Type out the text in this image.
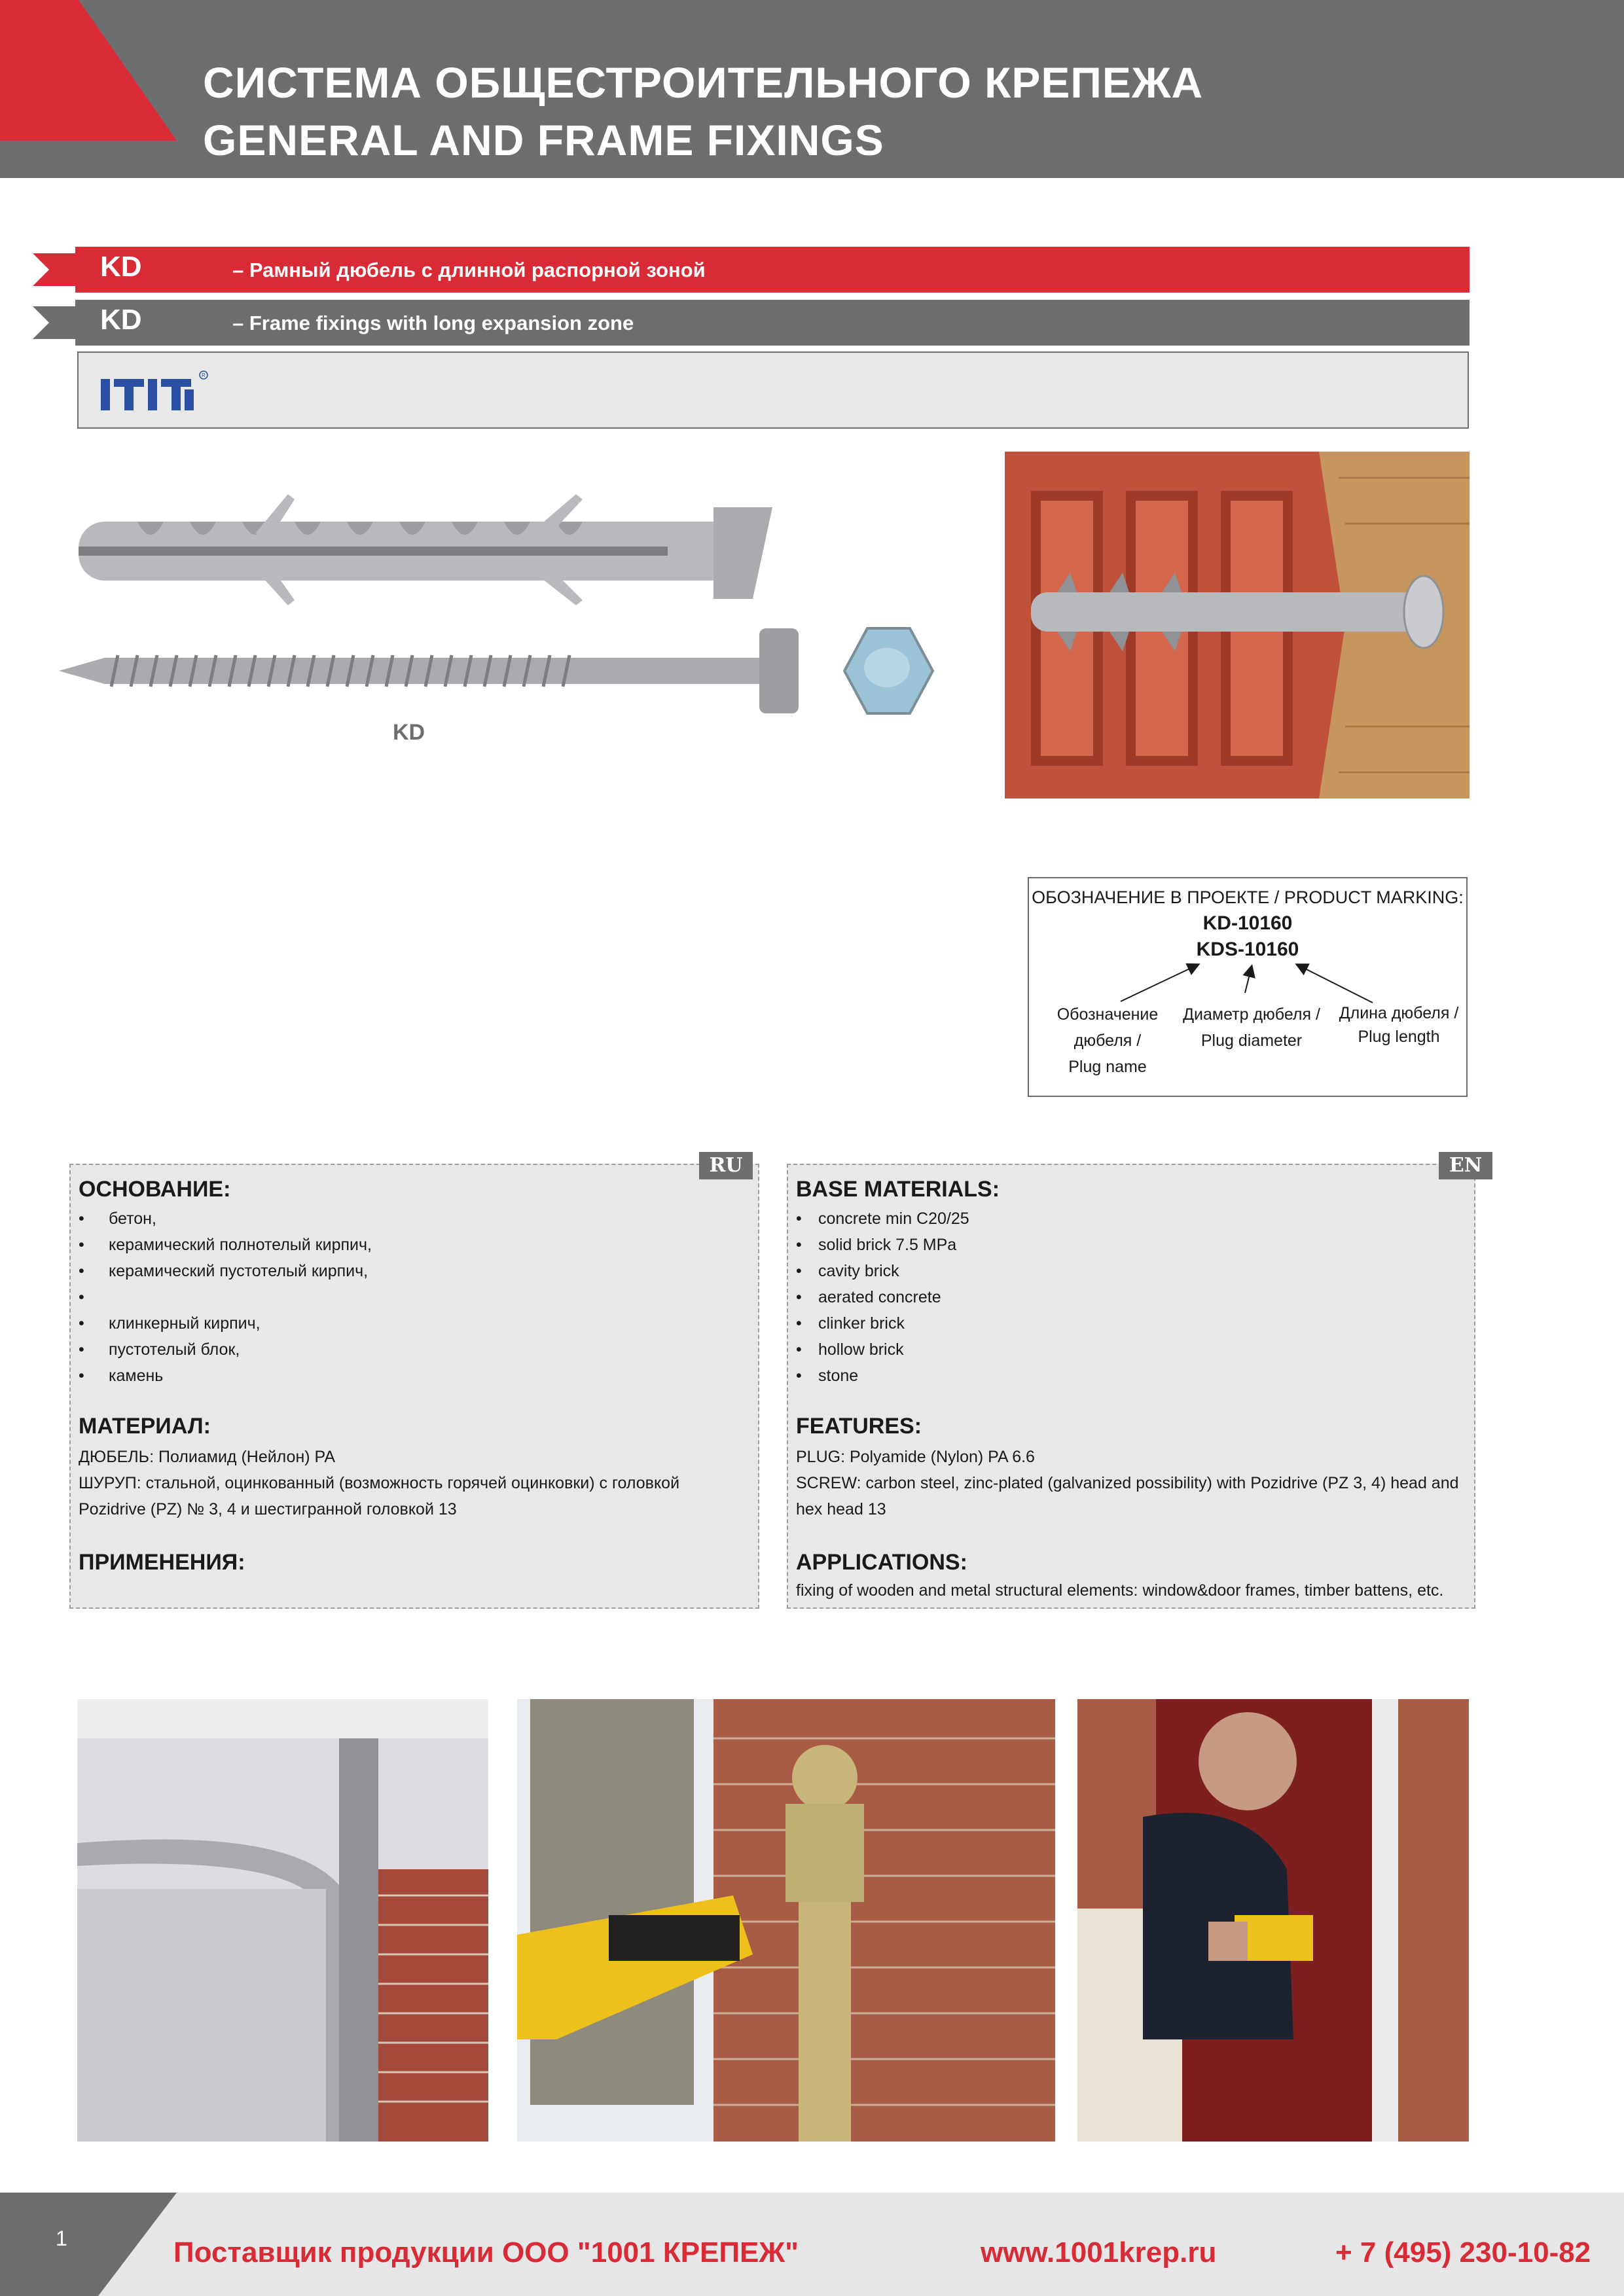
СИСТЕМА ОБЩЕСТРОИТЕЛЬНОГО КРЕПЕЖА
GENERAL AND FRAME FIXINGS
KD	– Рамный дюбель с длинной распорной зоной
KD	– Frame fixings with long expansion zone
R
KD
ОБОЗНАЧЕНИЕ В ПРОЕКТЕ / PRODUCT MARKING:
KD-10160
KDS-10160
Обозначение
дюбеля /
Plug name
Диаметр дюбеля /
Plug diameter
Длина дюбеля /
Plug length
RU
ОСНОВАНИЕ:
• бетон,
• керамический полнотелый кирпич,
• керамический пустотелый кирпич,
•
• клинкерный кирпич,
• пустотелый блок,
• камень
МАТЕРИАЛ:
ДЮБЕЛЬ: Полиамид (Нейлон) PA
ШУРУП: стальной, оцинкованный (возможность горячей оцинковки) с головкой Pozidrive (PZ) № 3, 4 и шестигранной головкой 13
ПРИМЕНЕНИЯ:
EN
BASE MATERIALS:
• concrete min C20/25
• solid brick 7.5 MPa
• cavity brick
• aerated concrete
• clinker brick
• hollow brick
• stone
FEATURES:
PLUG: Polyamide (Nylon) PA 6.6
SCREW: carbon steel, zinc-plated (galvanized possibility) with Pozidrive (PZ 3, 4) head and hex head 13
APPLICATIONS:
fixing of wooden and metal structural elements: window&door frames, timber battens, etc.
1	Поставщик продукции ООО "1001 КРЕПЕЖ"	www.1001krep.ru	+ 7 (495) 230-10-82
